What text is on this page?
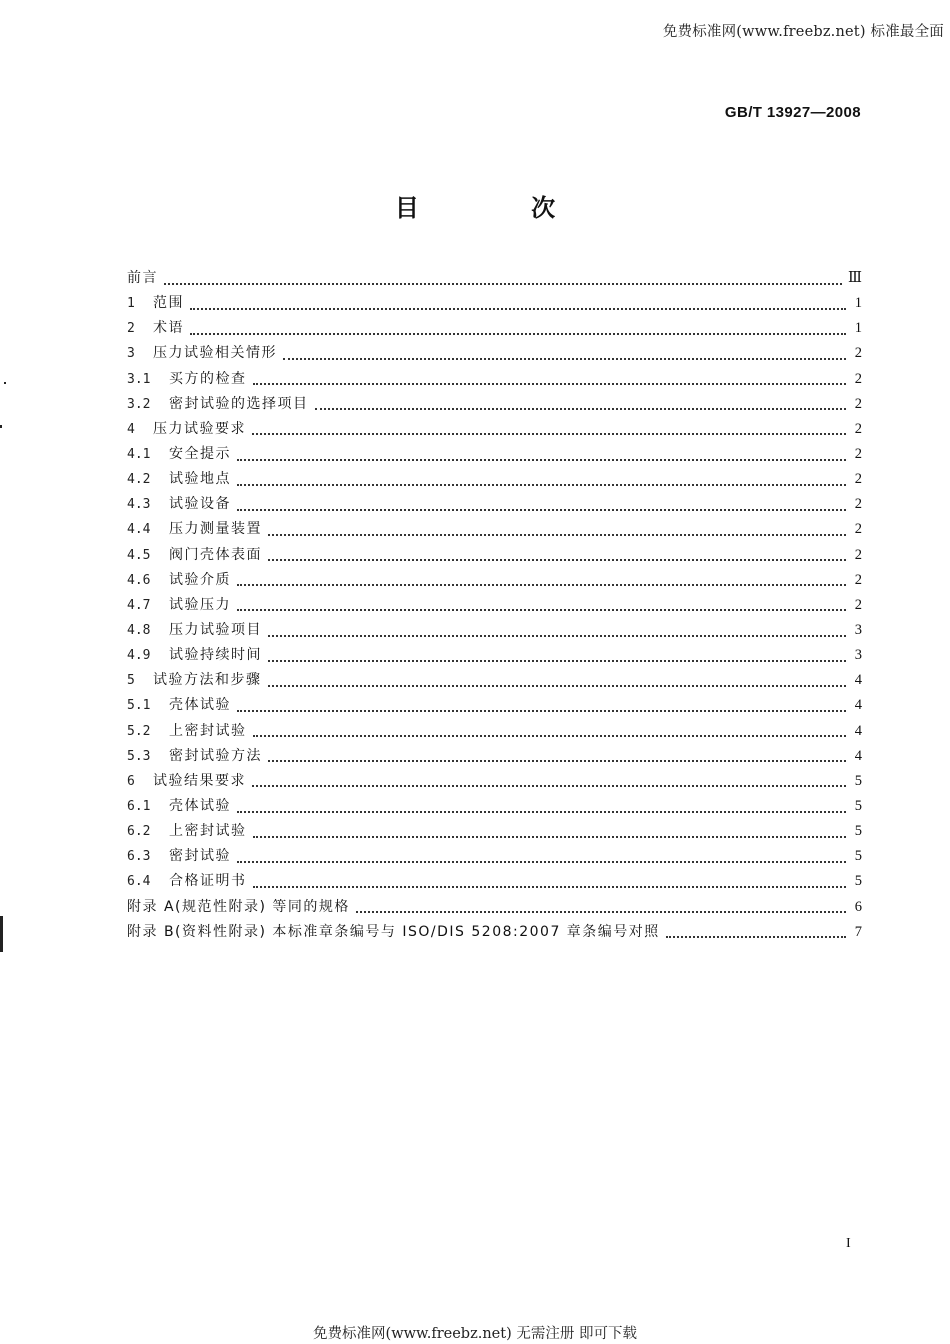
免费标准网(www.freebz.net) 标准最全面
GB/T 13927—2008
目 次
前言	Ⅲ
1	范围	1
2	术语	1
3	压力试验相关情形	2
3.1	买方的检查	2
3.2	密封试验的选择项目	2
4	压力试验要求	2
4.1	安全提示	2
4.2	试验地点	2
4.3	试验设备	2
4.4	压力测量装置	2
4.5	阀门壳体表面	2
4.6	试验介质	2
4.7	试验压力	2
4.8	压力试验项目	3
4.9	试验持续时间	3
5	试验方法和步骤	4
5.1	壳体试验	4
5.2	上密封试验	4
5.3	密封试验方法	4
6	试验结果要求	5
6.1	壳体试验	5
6.2	上密封试验	5
6.3	密封试验	5
6.4	合格证明书	5
附录 A(规范性附录) 等同的规格	6
附录 B(资料性附录) 本标准章条编号与 ISO/DIS 5208:2007 章条编号对照	7
I
免费标准网(www.freebz.net) 无需注册 即可下载
